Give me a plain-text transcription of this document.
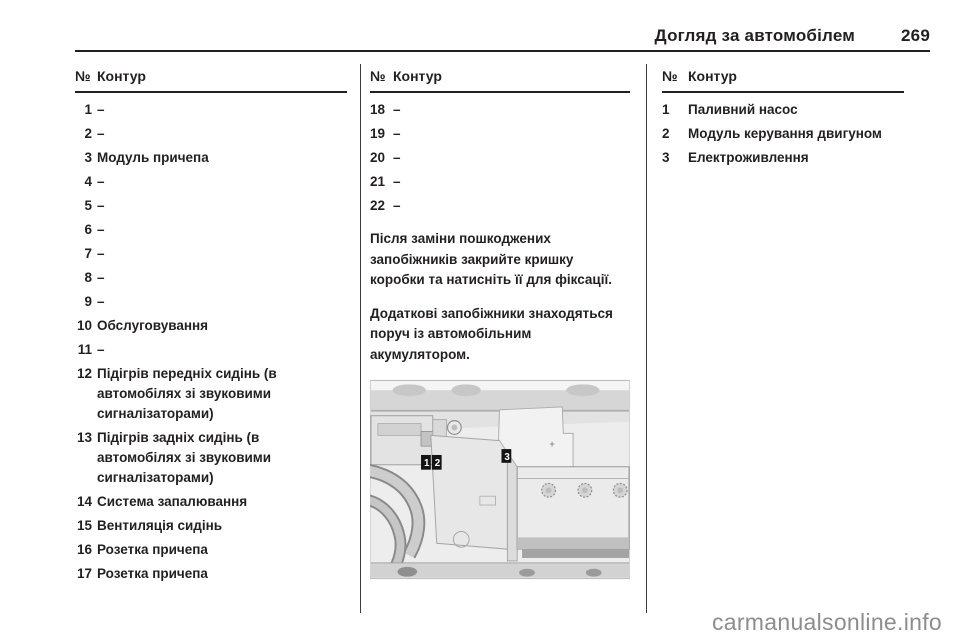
Догляд за автомобілем	269
№ Контур
1 –
2 –
3 Модуль причепа
4 –
5 –
6 –
7 –
8 –
9 –
10 Обслуговування
11 –
12 Підігрів передніх сидінь (в автомобілях зі звуковими сигналізаторами)
13 Підігрів задніх сидінь (в автомобілях зі звуковими сигналізаторами)
14 Система запалювання
15 Вентиляція сидінь
16 Розетка причепа
17 Розетка причепа
№ Контур
18 –
19 –
20 –
21 –
22 –

Після заміни пошкоджених запобіжників закрийте кришку коробки та натисніть її для фіксації.

Додаткові запобіжники знаходяться поруч із автомобільним акумулятором.

+
1 2
3
№ Контур
1	Паливний насос
2	Модуль керування двигуном
3	Електроживлення
carmanualsonline.info
